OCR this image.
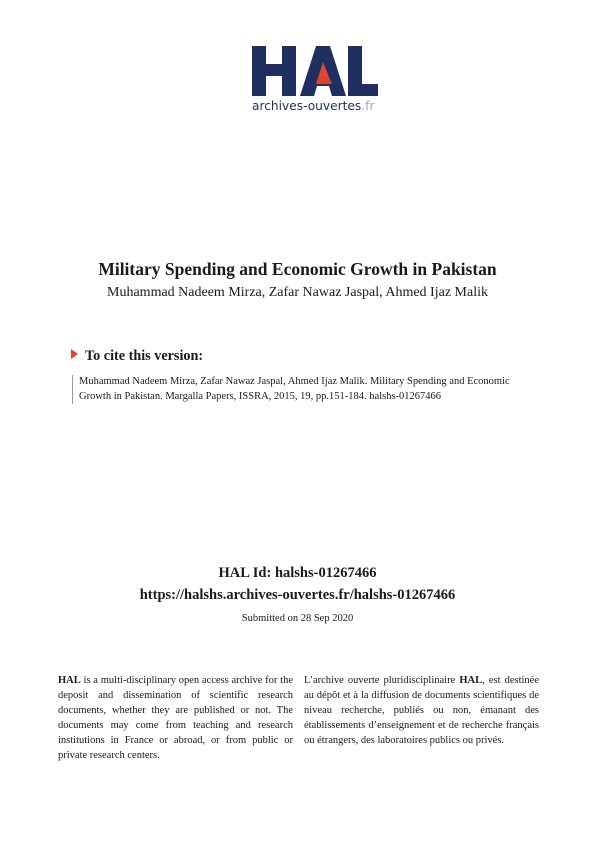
archives-ouvertes.fr
Military Spending and Economic Growth in Pakistan
Muhammad Nadeem Mirza, Zafar Nawaz Jaspal, Ahmed Ijaz Malik
To cite this version:
Muhammad Nadeem Mirza, Zafar Nawaz Jaspal, Ahmed Ijaz Malik. Military Spending and Economic
Growth in Pakistan. Margalla Papers, ISSRA, 2015, 19, pp.151-184. halshs-01267466
HAL Id: halshs-01267466
https://halshs.archives-ouvertes.fr/halshs-01267466
Submitted on 28 Sep 2020

HAL is a multi-disciplinary open access archive for the deposit and dissemination of scientific research documents, whether they are published or not. The documents may come from teaching and research institutions in France or abroad, or from public or private research centers.

L’archive ouverte pluridisciplinaire HAL, est destinée au dépôt et à la diffusion de documents scientifiques de niveau recherche, publiés ou non, émanant des établissements d’enseignement et de recherche français ou étrangers, des laboratoires publics ou privés.
